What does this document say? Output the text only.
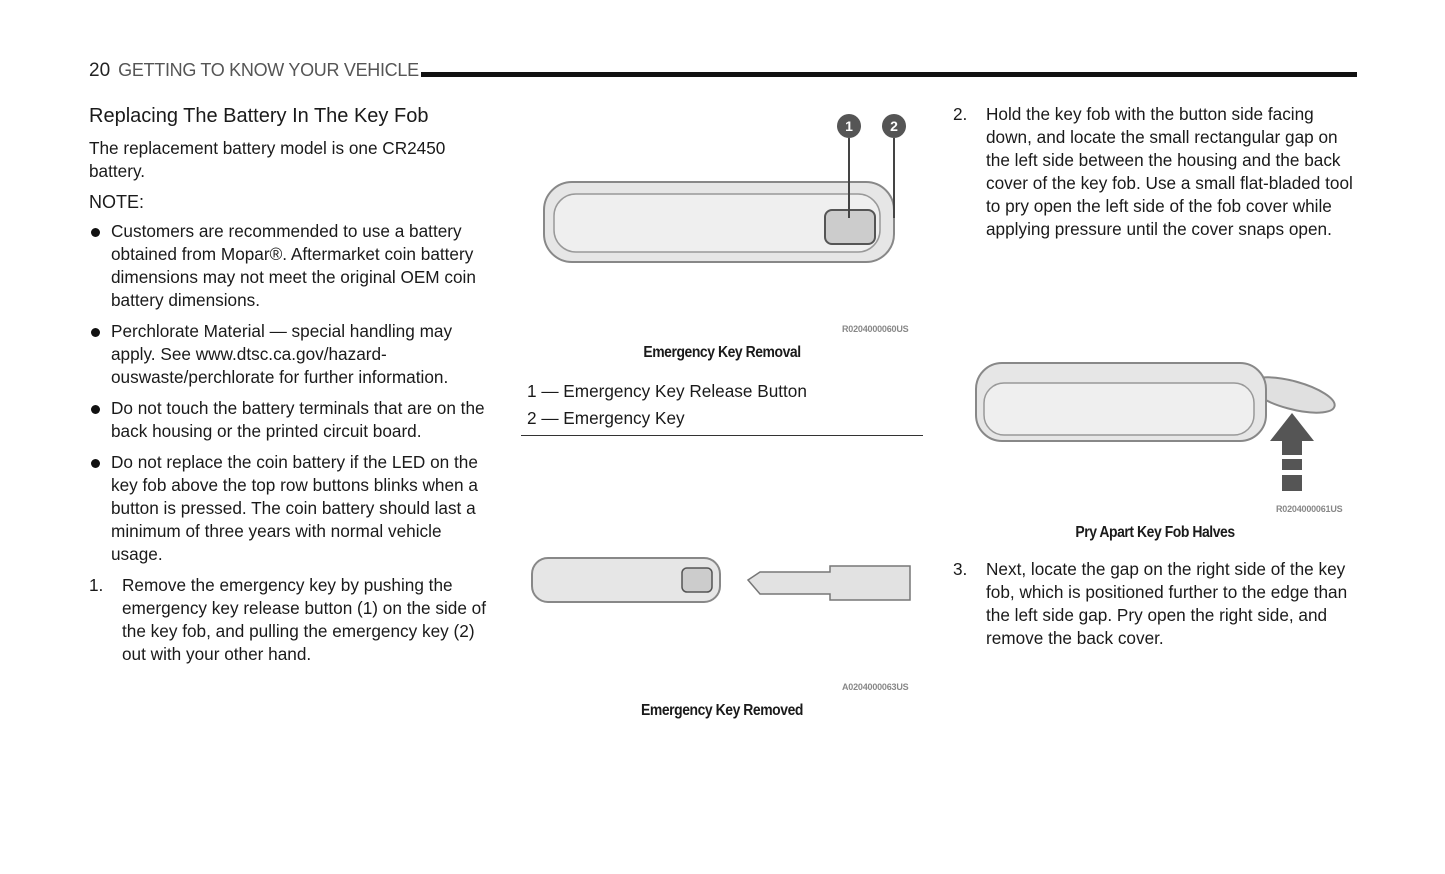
20 GETTING TO KNOW YOUR VEHICLE
Replacing The Battery In The Key Fob

The replacement battery model is one CR2450 battery.

NOTE:
Customers are recommended to use a battery obtained from Mopar®. Aftermarket coin battery dimensions may not meet the original OEM coin battery dimensions.
Perchlorate Material — special handling may apply. See www.dtsc.ca.gov/hazard-ouswaste/perchlorate for further information.
Do not touch the battery terminals that are on the back housing or the printed circuit board.
Do not replace the coin battery if the LED on the key fob above the top row buttons blinks when a button is pressed. The coin battery should last a minimum of three years with normal vehicle usage.
1. Remove the emergency key by pushing the emergency key release button (1) on the side of the key fob, and pulling the emergency key (2) out with your other hand.
1	2
R0204000060US
Emergency Key Removal
1 — Emergency Key Release Button
2 — Emergency Key
A0204000063US
Emergency Key Removed
2. Hold the key fob with the button side facing down, and locate the small rectangular gap on the left side between the housing and the back cover of the key fob. Use a small flat-bladed tool to pry open the left side of the fob cover while applying pressure until the cover snaps open.
R0204000061US
Pry Apart Key Fob Halves
3. Next, locate the gap on the right side of the key fob, which is positioned further to the edge than the left side gap. Pry open the right side, and remove the back cover.
